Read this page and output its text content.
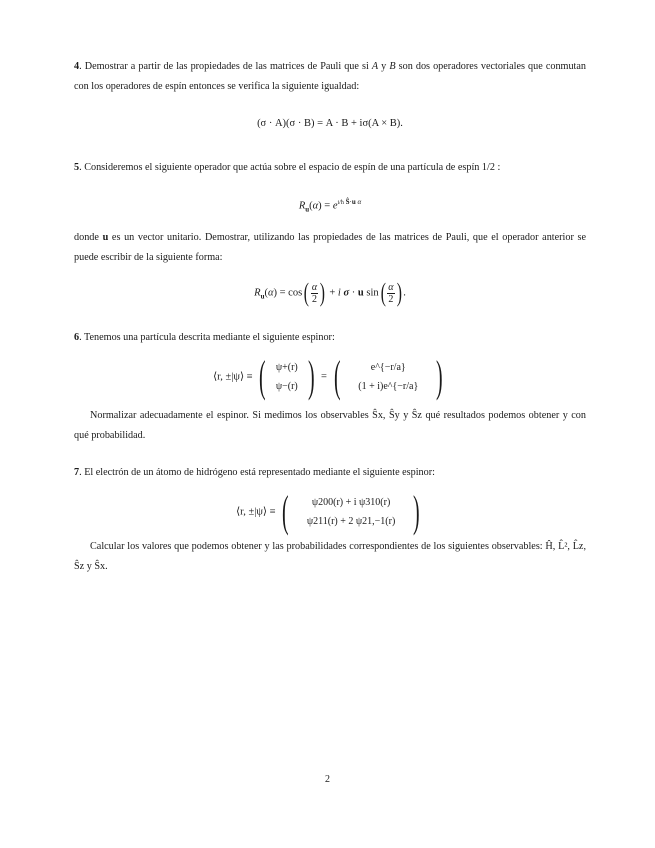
4. Demostrar a partir de las propiedades de las matrices de Pauli que si A y B son dos operadores vectoriales que conmutan con los operadores de espín entonces se verifica la siguiente igualdad:
(σ · A)(σ · B) = A · B + iσ(A × B).
5. Consideremos el siguiente operador que actúa sobre el espacio de espín de una partícula de espín 1/2 :
$R_u(\alpha) = e^{i/ħ Ŝ\cdot u \alpha}$
donde u es un vector unitario. Demostrar, utilizando las propiedades de las matrices de Pauli, que el operador anterior se puede escribir de la siguiente forma:
$R_u(\alpha) = \cos( \frac{\alpha}{2}$ ) + i σ · u $\sin( \frac{\alpha}{2}$ ) .
6. Tenemos una partícula descrita mediante el siguiente espinor:
⟨r, ±|ψ⟩ ≡ ( ψ+(r)
ψ−(r) ) = (	e^{−r/a}
(1 + i)e^{−r/a} )
Normalizar adecuadamente el espinor. Si medimos los observables Ŝx, Ŝy y Ŝz qué resultados podemos obtener y con qué probabilidad.
7. El electrón de un átomo de hidrógeno está representado mediante el siguiente espinor:
⟨r, ±|ψ⟩ ≡ ( ψ200(r) + i ψ310(r)
ψ211(r) + 2 ψ21,−1(r) )
Calcular los valores que podemos obtener y las probabilidades correspondientes de los siguientes observables: Ĥ, L̂², L̂z, Ŝz y Ŝx.
2
